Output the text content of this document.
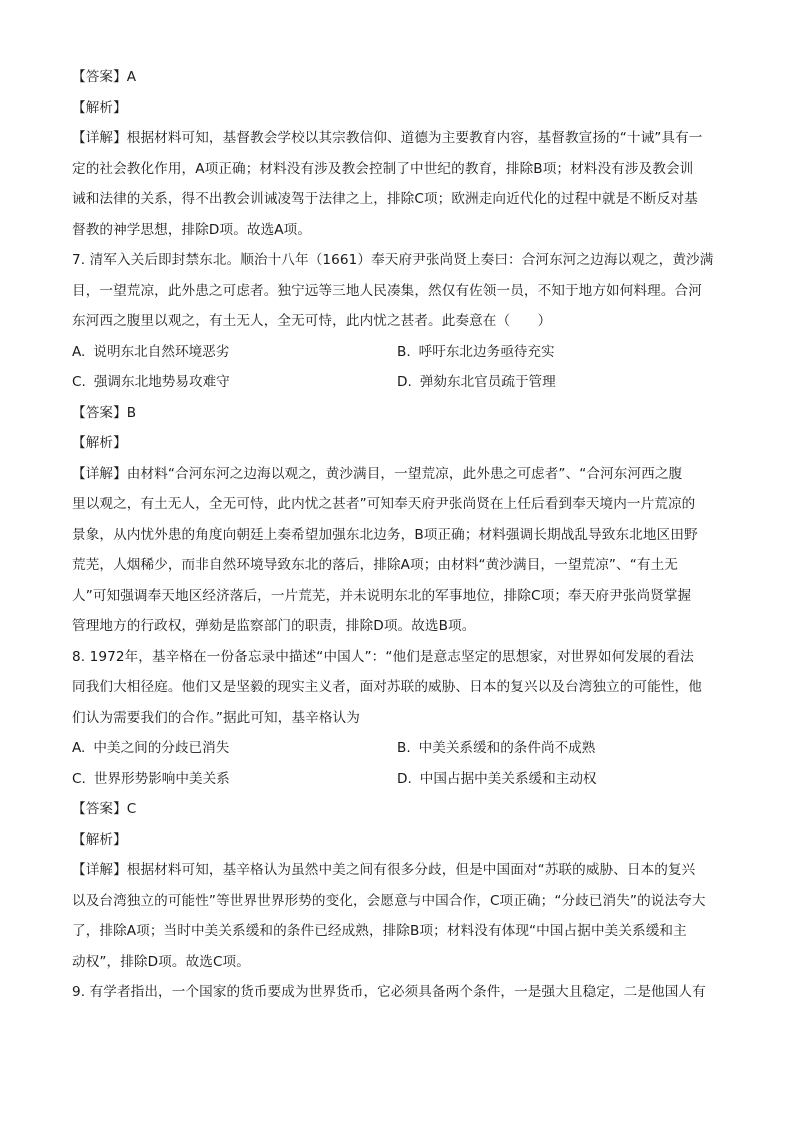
【答案】A
【解析】
【详解】根据材料可知，基督教会学校以其宗教信仰、道德为主要教育内容，基督教宣扬的“十诫”具有一
定的社会教化作用，A项正确；材料没有涉及教会控制了中世纪的教育，排除B项；材料没有涉及教会训
诫和法律的关系，得不出教会训诫凌驾于法律之上，排除C项；欧洲走向近代化的过程中就是不断反对基
督教的神学思想，排除D项。故选A项。
7. 清军入关后即封禁东北。顺治十八年（1661）奉天府尹张尚贤上奏曰：合河东河之边海以观之，黄沙满
目，一望荒凉，此外患之可虑者。独宁远等三地人民凑集，然仅有佐领一员，不知于地方如何料理。合河
东河西之腹里以观之，有土无人，全无可恃，此内忧之甚者。此奏意在（　　）
A. 说明东北自然环境恶劣	B. 呼吁东北边务亟待充实
C. 强调东北地势易攻难守	D. 弹劾东北官员疏于管理
【答案】B
【解析】
【详解】由材料“合河东河之边海以观之，黄沙满目，一望荒凉，此外患之可虑者”、“合河东河西之腹
里以观之，有土无人，全无可恃，此内忧之甚者”可知奉天府尹张尚贤在上任后看到奉天境内一片荒凉的
景象，从内忧外患的角度向朝廷上奏希望加强东北边务，B项正确；材料强调长期战乱导致东北地区田野
荒芜，人烟稀少，而非自然环境导致东北的落后，排除A项；由材料“黄沙满目，一望荒凉”、“有土无
人”可知强调奉天地区经济落后，一片荒芜，并未说明东北的军事地位，排除C项；奉天府尹张尚贤掌握
管理地方的行政权，弹劾是监察部门的职责，排除D项。故选B项。
8. 1972年，基辛格在一份备忘录中描述“中国人”：“他们是意志坚定的思想家，对世界如何发展的看法
同我们大相径庭。他们又是坚毅的现实主义者，面对苏联的威胁、日本的复兴以及台湾独立的可能性，他
们认为需要我们的合作。”据此可知，基辛格认为
A. 中美之间的分歧已消失	B. 中美关系缓和的条件尚不成熟
C. 世界形势影响中美关系	D. 中国占据中美关系缓和主动权
【答案】C
【解析】
【详解】根据材料可知，基辛格认为虽然中美之间有很多分歧，但是中国面对“苏联的威胁、日本的复兴
以及台湾独立的可能性”等世界世界形势的变化，会愿意与中国合作，C项正确；“分歧已消失”的说法夸大
了，排除A项；当时中美关系缓和的条件已经成熟，排除B项；材料没有体现“中国占据中美关系缓和主
动权”，排除D项。故选C项。
9. 有学者指出，一个国家的货币要成为世界货币，它必须具备两个条件，一是强大且稳定，二是他国人有
